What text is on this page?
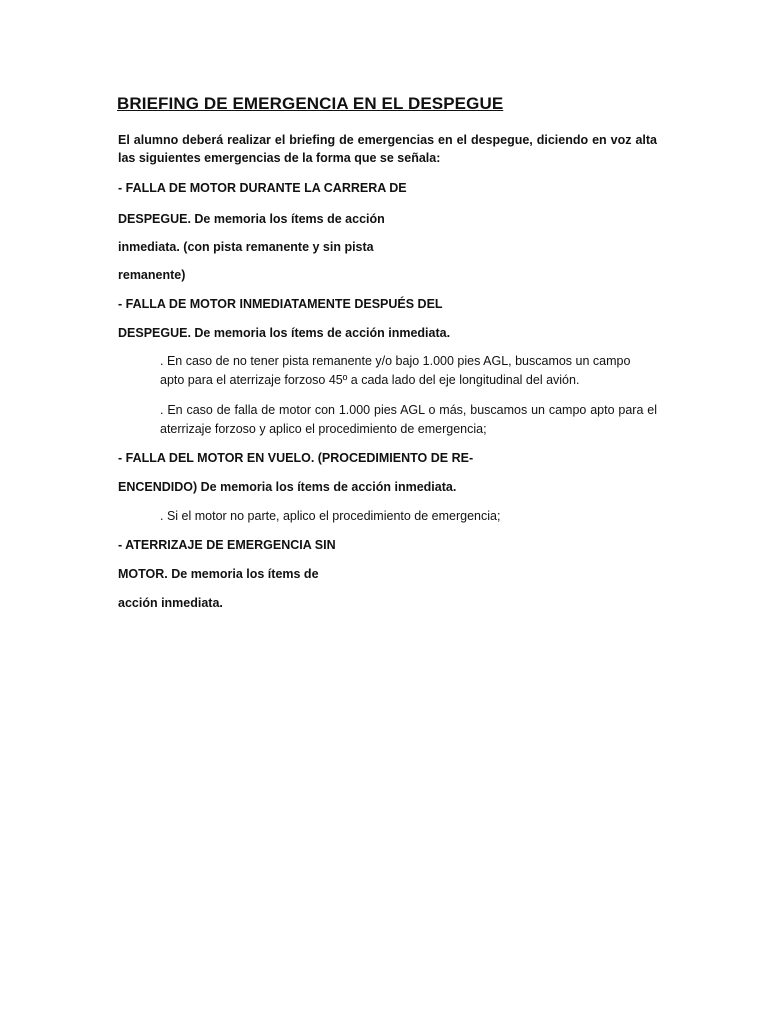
BRIEFING DE EMERGENCIA EN EL DESPEGUE

El alumno deberá realizar el briefing de emergencias en el despegue, diciendo en voz alta las siguientes emergencias de la forma que se señala:

- FALLA DE MOTOR DURANTE LA CARRERA DE

DESPEGUE. De memoria los ítems de acción

inmediata. (con pista remanente y sin pista

remanente)

- FALLA DE MOTOR INMEDIATAMENTE DESPUÉS DEL

DESPEGUE. De memoria los ítems de acción inmediata.

. En caso de no tener pista remanente y/o bajo 1.000 pies AGL, buscamos un campo apto para el aterrizaje forzoso 45º a cada lado del eje longitudinal del avión.

. En caso de falla de motor con 1.000 pies AGL o más, buscamos un campo apto para el aterrizaje forzoso y aplico el procedimiento de emergencia;

- FALLA DEL MOTOR EN VUELO. (PROCEDIMIENTO DE RE-

ENCENDIDO) De memoria los ítems de acción inmediata.

. Si el motor no parte, aplico el procedimiento de emergencia;

- ATERRIZAJE DE EMERGENCIA SIN

MOTOR. De memoria los ítems de

acción inmediata.
